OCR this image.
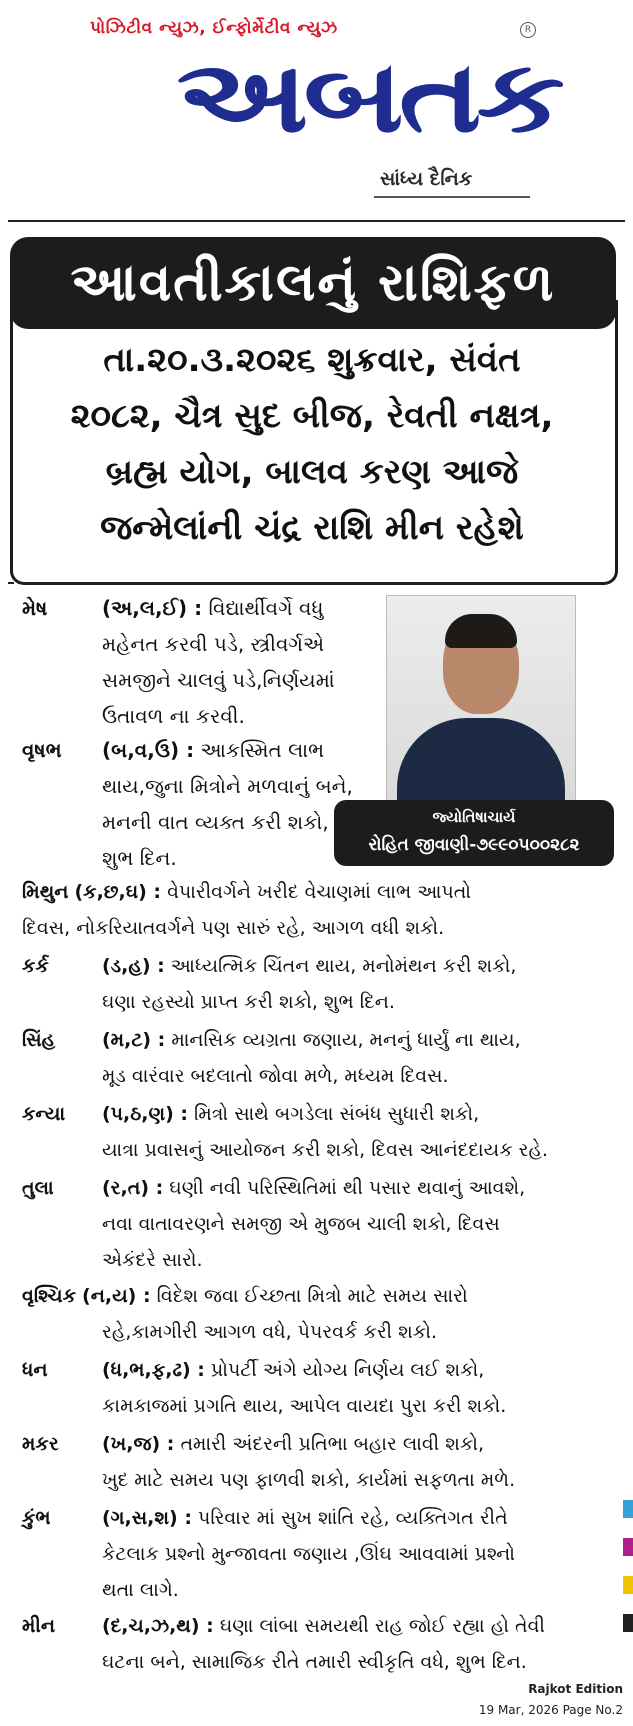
પોઝિટીવ ન્યુઝ, ઈન્ફોર્મેટીવ ન્યુઝ	R
અબતક
સાંધ્ય દૈનિક
આવતીકાલનું રાશિફળ
તા.૨૦.૩.૨૦૨૬ શુક્રવાર, સંવંત
૨૦૮૨, ચૈત્ર સુદ બીજ, રેવતી નક્ષત્ર,
બ્રહ્મ યોગ, બાલવ કરણ આજે
જન્મેલાંની ચંદ્ર રાશિ મીન રહેશે
જ્યોતિષાચાર્ય
રોહિત જીવાણી-૭૯૯૦૫૦૦૨૮૨
મેષ	(અ,લ,ઈ) : વિદ્યાર્થીવર્ગે વધુ
મહેનત કરવી પડે, સ્ત્રીવર્ગએ
સમજીને ચાલવું પડે,નિર્ણયમાં
ઉતાવળ ના કરવી.
વૃષભ	(બ,વ,ઉ) : આકસ્મિત લાભ
થાય,જુના મિત્રોને મળવાનું બને,
મનની વાત વ્યક્ત કરી શકો,
શુભ દિન.
મિથુન (ક,છ,ઘ) : વેપારીવર્ગને ખરીદ વેચાણમાં લાભ આપતો
દિવસ, નોકરિયાતવર્ગને પણ સારું રહે, આગળ વધી શકો.
કર્ક	(ડ,હ) : આધ્યત્મિક ચિંતન થાય, મનોમંથન કરી શકો,
ઘણા રહસ્યો પ્રાપ્ત કરી શકો, શુભ દિન.
સિંહ	(મ,ટ) : માનસિક વ્યગ્રતા જણાય, મનનું ધાર્યું ના થાય,
મૂડ વારંવાર બદલાતો જોવા મળે, મધ્યમ દિવસ.
કન્યા	(પ,ઠ,ણ) : મિત્રો સાથે બગડેલા સંબંધ સુધારી શકો,
યાત્રા પ્રવાસનું આયોજન કરી શકો, દિવસ આનંદદાયક રહે.
તુલા	(ર,ત) : ઘણી નવી પરિસ્થિતિમાં થી પસાર થવાનું આવશે,
નવા વાતાવરણને સમજી એ મુજબ ચાલી શકો, દિવસ
એકંદરે સારો.
વૃશ્ચિક (ન,ય) : વિદેશ જવા ઈચ્છતા મિત્રો માટે સમય સારો
રહે,કામગીરી આગળ વધે, પેપરવર્ક કરી શકો.
ધન	(ધ,ભ,ફ,ઢ) : પ્રોપર્ટી અંગે યોગ્ય નિર્ણય લઈ શકો,
કામકાજમાં પ્રગતિ થાય, આપેલ વાયદા પુરા કરી શકો.
મકર	(ખ,જ) : તમારી અંદરની પ્રતિભા બહાર લાવી શકો,
ખુદ માટે સમય પણ ફાળવી શકો, કાર્યમાં સફળતા મળે.
કુંભ	(ગ,સ,શ) : પરિવાર માં સુખ શાંતિ રહે, વ્યક્તિગત રીતે
કેટલાક પ્રશ્નો મુન્જાવતા જણાય ,ઊંઘ આવવામાં પ્રશ્નો
થતા લાગે.
મીન	(દ,ચ,ઝ,થ) : ઘણા લાંબા સમયથી રાહ જોઈ રહ્યા હો તેવી
ઘટના બને, સામાજિક રીતે તમારી સ્વીકૃતિ વધે, શુભ દિન.
Rajkot Edition
19 Mar, 2026 Page No.2
